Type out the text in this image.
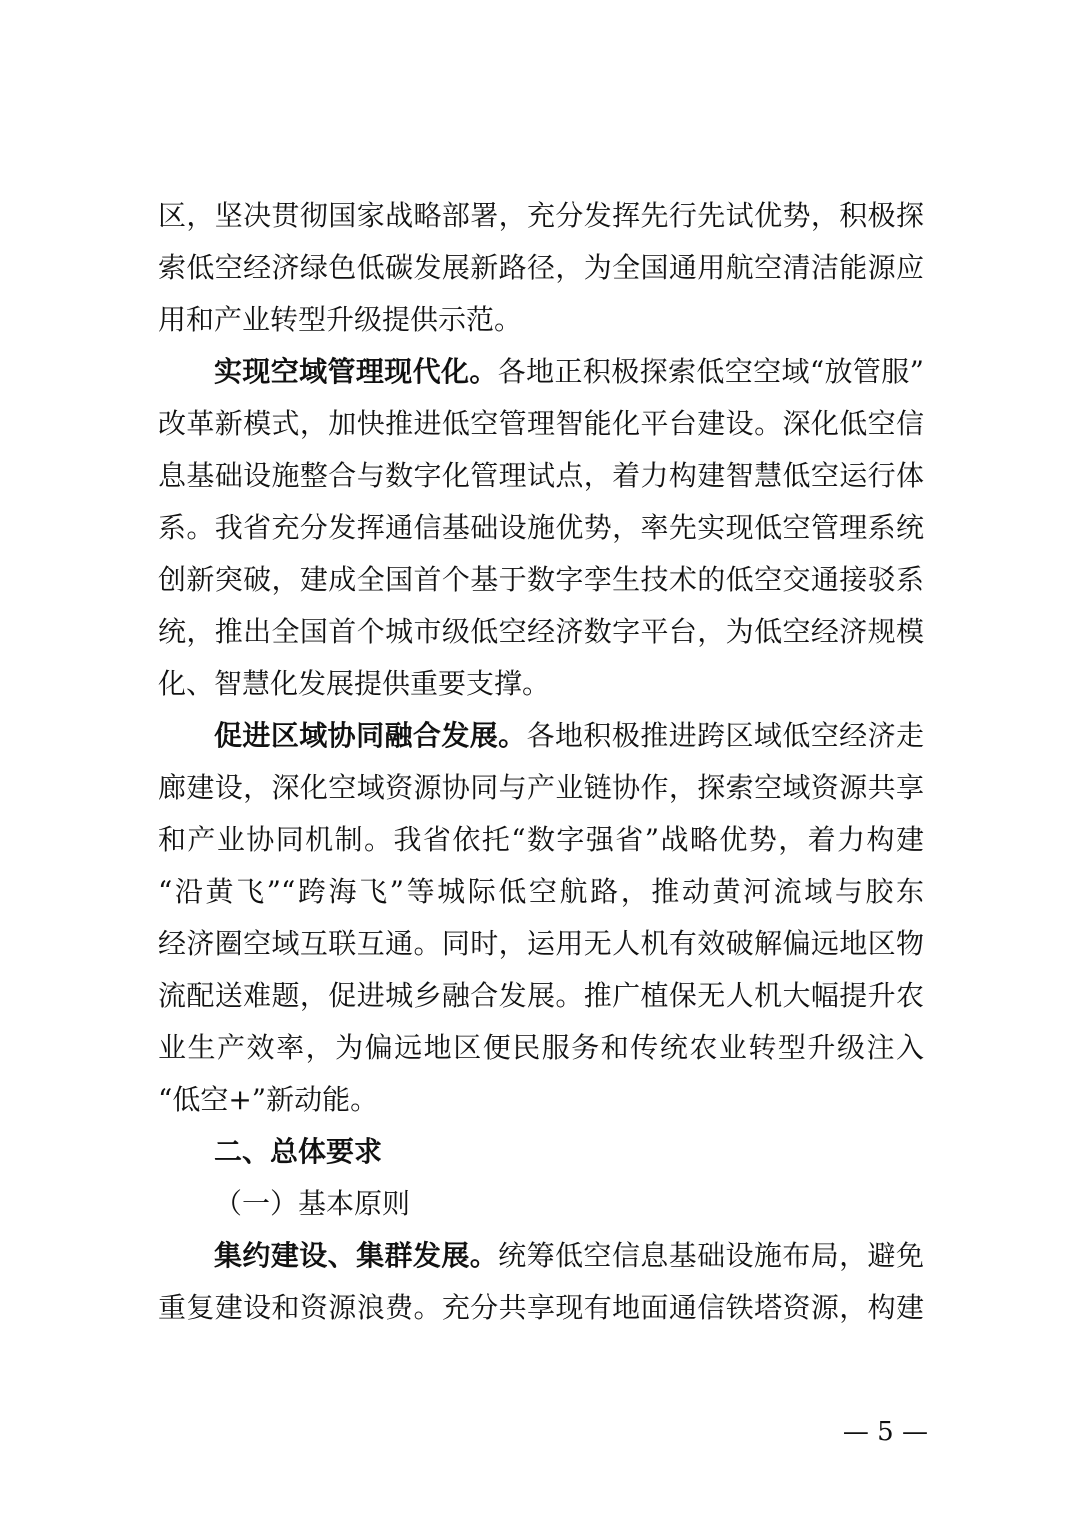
区，坚决贯彻国家战略部署，充分发挥先行先试优势，积极探
索低空经济绿色低碳发展新路径，为全国通用航空清洁能源应
用和产业转型升级提供示范。
实现空域管理现代化。各地正积极探索低空空域“放管服”
改革新模式，加快推进低空管理智能化平台建设。深化低空信
息基础设施整合与数字化管理试点，着力构建智慧低空运行体
系。我省充分发挥通信基础设施优势，率先实现低空管理系统
创新突破，建成全国首个基于数字孪生技术的低空交通接驳系
统，推出全国首个城市级低空经济数字平台，为低空经济规模
化、智慧化发展提供重要支撑。
促进区域协同融合发展。各地积极推进跨区域低空经济走
廊建设，深化空域资源协同与产业链协作，探索空域资源共享
和产业协同机制。我省依托“数字强省”战略优势，着力构建
“沿黄飞”“跨海飞”等城际低空航路，推动黄河流域与胶东
经济圈空域互联互通。同时，运用无人机有效破解偏远地区物
流配送难题，促进城乡融合发展。推广植保无人机大幅提升农
业生产效率，为偏远地区便民服务和传统农业转型升级注入
“低空+”新动能。
二、总体要求
（一）基本原则
集约建设、集群发展。统筹低空信息基础设施布局，避免
重复建设和资源浪费。充分共享现有地面通信铁塔资源，构建
— 5 —
